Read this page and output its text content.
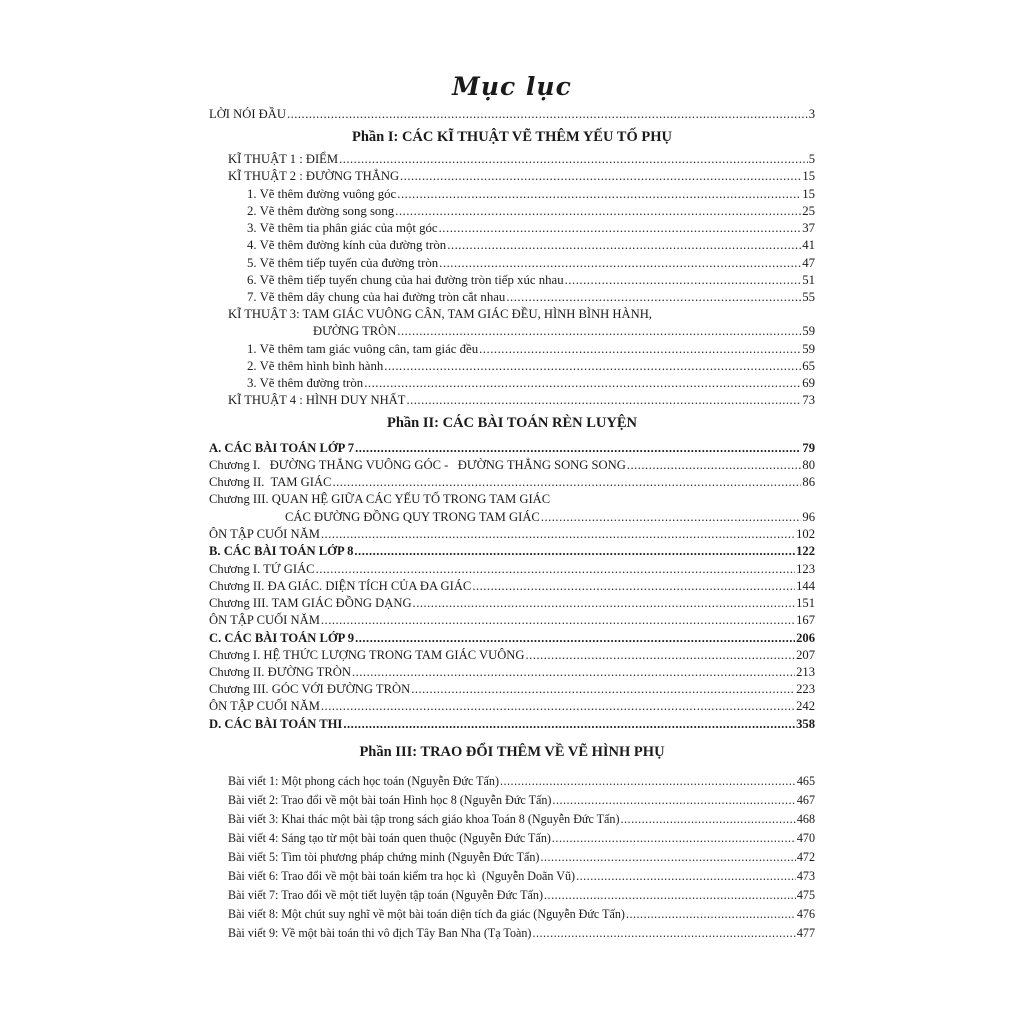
Mục lục
LỜI NÓI ĐẦU .....	3
Phần I: CÁC KĨ THUẬT VẼ THÊM YẾU TỐ PHỤ
KĨ THUẬT 1 : ĐIỂM .....	5
KĨ THUẬT 2 : ĐƯỜNG THẲNG .....	15
1. Vẽ thêm đường vuông góc .....	15
2. Vẽ thêm đường song song .....	25
3. Vẽ thêm tia phân giác của một góc .....	37
4. Vẽ thêm đường kính của đường tròn .....	41
5. Vẽ thêm tiếp tuyến của đường tròn .....	47
6. Vẽ thêm tiếp tuyến chung của hai đường tròn tiếp xúc nhau .....	51
7. Vẽ thêm dây chung của hai đường tròn cắt nhau .....	55
KĨ THUẬT 3: TAM GIÁC VUÔNG CÂN, TAM GIÁC ĐỀU, HÌNH BÌNH HÀNH,
ĐƯỜNG TRÒN .....	59
1. Vẽ thêm tam giác vuông cân, tam giác đều .....	59
2. Vẽ thêm hình bình hành .....	65
3. Vẽ thêm đường tròn .....	69
KĨ THUẬT 4 : HÌNH DUY NHẤT .....	73
Phần II: CÁC BÀI TOÁN RÈN LUYỆN
A. CÁC BÀI TOÁN LỚP 7 .....	79
Chương I.   ĐƯỜNG THẲNG VUÔNG GÓC -   ĐƯỜNG THẲNG SONG SONG .....	80
Chương II.  TAM GIÁC .....	86
Chương III. QUAN HỆ GIỮA CÁC YẾU TỐ TRONG TAM GIÁC
CÁC ĐƯỜNG ĐỒNG QUY TRONG TAM GIÁC .....	96
ÔN TẬP CUỐI NĂM .....	102
B. CÁC BÀI TOÁN LỚP 8 .....	122
Chương I. TỨ GIÁC .....	123
Chương II. ĐA GIÁC. DIỆN TÍCH CỦA ĐA GIÁC .....	144
Chương III. TAM GIÁC ĐỒNG DẠNG .....	151
ÔN TẬP CUỐI NĂM .....	167
C. CÁC BÀI TOÁN LỚP 9 .....	206
Chương I. HỆ THỨC LƯỢNG TRONG TAM GIÁC VUÔNG .....	207
Chương II. ĐƯỜNG TRÒN .....	213
Chương III. GÓC VỚI ĐƯỜNG TRÒN .....	223
ÔN TẬP CUỐI NĂM .....	242
D. CÁC BÀI TOÁN THI .....	358
Phần III: TRAO ĐỔI THÊM VỀ VẼ HÌNH PHỤ
Bài viết 1: Một phong cách học toán (Nguyễn Đức Tấn) .....	465
Bài viết 2: Trao đổi về một bài toán Hình học 8 (Nguyễn Đức Tấn) .....	467
Bài viết 3: Khai thác một bài tập trong sách giáo khoa Toán 8 (Nguyễn Đức Tấn) .....	468
Bài viết 4: Sáng tạo từ một bài toán quen thuộc (Nguyễn Đức Tấn) .....	470
Bài viết 5: Tìm tòi phương pháp chứng minh (Nguyễn Đức Tấn) .....	472
Bài viết 6: Trao đổi về một bài toán kiểm tra học kì  (Nguyễn Doãn Vũ) .....	473
Bài viết 7: Trao đổi về một tiết luyện tập toán (Nguyễn Đức Tấn) .....	475
Bài viết 8: Một chút suy nghĩ về một bài toán diện tích đa giác (Nguyễn Đức Tấn) .....	476
Bài viết 9: Về một bài toán thi vô địch Tây Ban Nha (Tạ Toàn) .....	477
